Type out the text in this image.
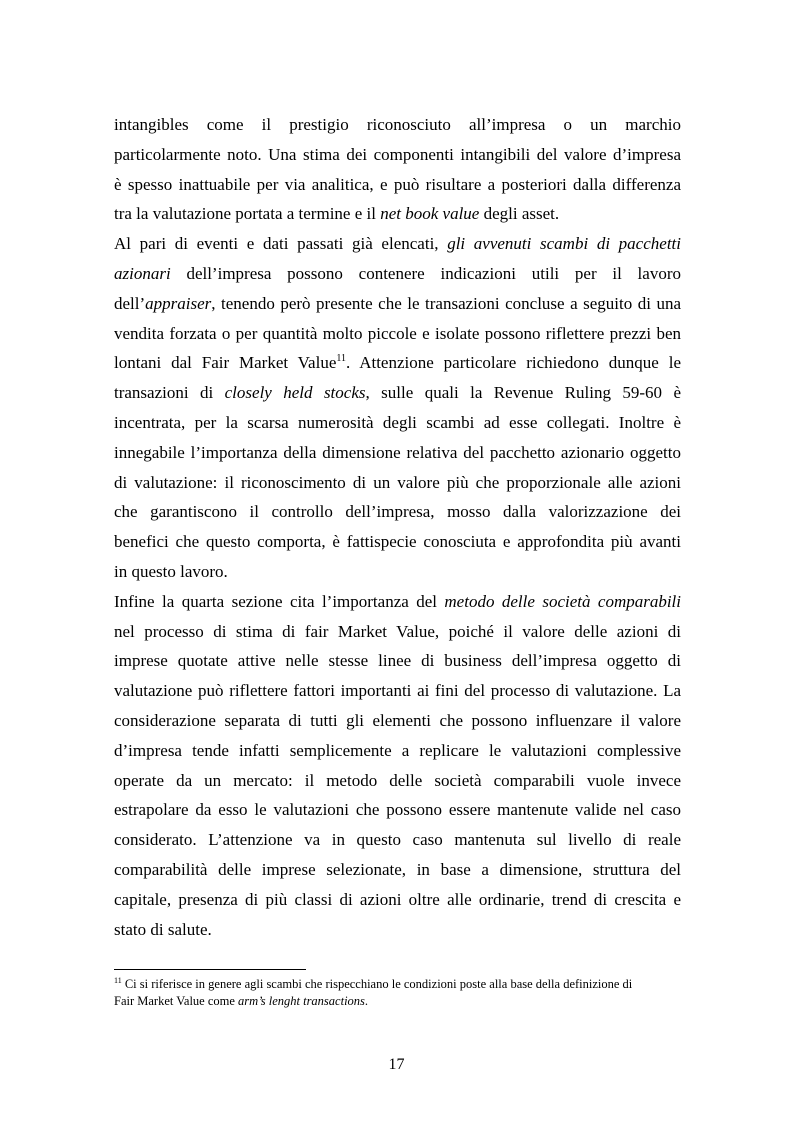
intangibles come il prestigio riconosciuto all’impresa o un marchio
particolarmente noto. Una stima dei componenti intangibili del valore d’impresa
è spesso inattuabile per via analitica, e può risultare a posteriori dalla differenza
tra la valutazione portata a termine e il net book value degli asset.
Al pari di eventi e dati passati già elencati, gli avvenuti scambi di pacchetti
azionari dell’impresa possono contenere indicazioni utili per il lavoro
dell’appraiser, tenendo però presente che le transazioni concluse a seguito di una
vendita forzata o per quantità molto piccole e isolate possono riflettere prezzi ben
lontani dal Fair Market Value$^{11}$. Attenzione particolare richiedono dunque le
transazioni di closely held stocks, sulle quali la Revenue Ruling 59-60 è
incentrata, per la scarsa numerosità degli scambi ad esse collegati. Inoltre è
innegabile l’importanza della dimensione relativa del pacchetto azionario oggetto
di valutazione: il riconoscimento di un valore più che proporzionale alle azioni
che garantiscono il controllo dell’impresa, mosso dalla valorizzazione dei
benefici che questo comporta, è fattispecie conosciuta e approfondita più avanti
in questo lavoro.
Infine la quarta sezione cita l’importanza del metodo delle società comparabili
nel processo di stima di fair Market Value, poiché il valore delle azioni di
imprese quotate attive nelle stesse linee di business dell’impresa oggetto di
valutazione può riflettere fattori importanti ai fini del processo di valutazione. La
considerazione separata di tutti gli elementi che possono influenzare il valore
d’impresa tende infatti semplicemente a replicare le valutazioni complessive
operate da un mercato: il metodo delle società comparabili vuole invece
estrapolare da esso le valutazioni che possono essere mantenute valide nel caso
considerato. L’attenzione va in questo caso mantenuta sul livello di reale
comparabilità delle imprese selezionate, in base a dimensione, struttura del
capitale, presenza di più classi di azioni oltre alle ordinarie, trend di crescita e
stato di salute.
$^{11}$ Ci si riferisce in genere agli scambi che rispecchiano le condizioni poste alla base della definizione di
Fair Market Value come arm’s lenght transactions.
17
